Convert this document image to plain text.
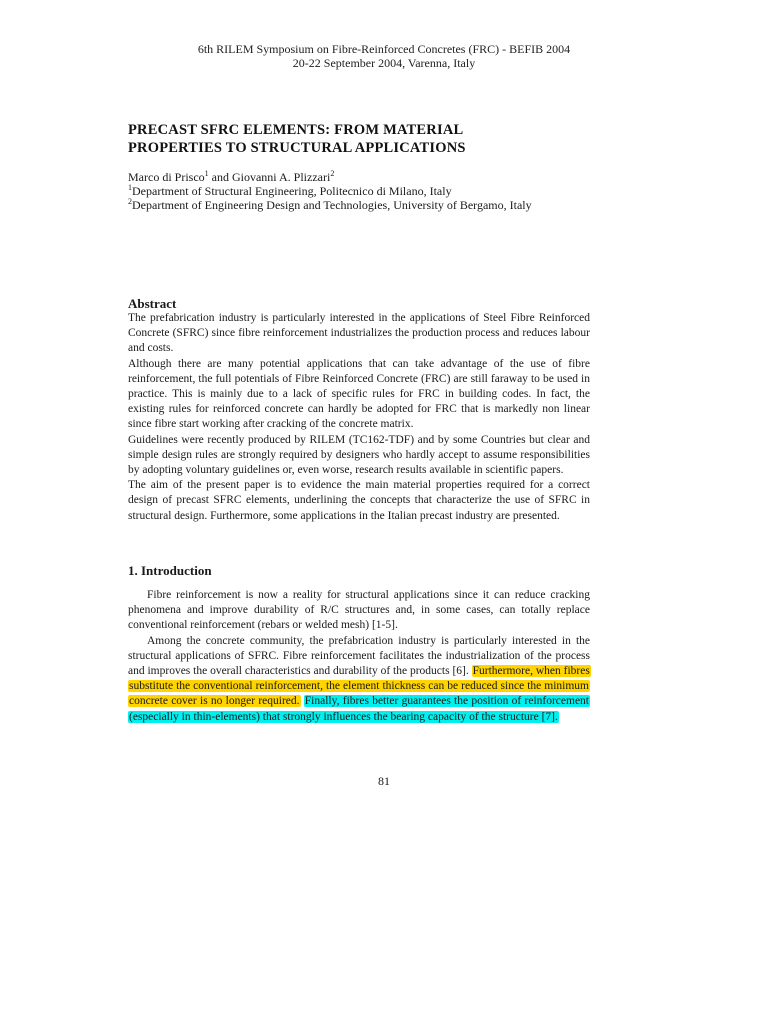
6th RILEM Symposium on Fibre-Reinforced Concretes (FRC) - BEFIB 2004
20-22 September 2004, Varenna, Italy
PRECAST SFRC ELEMENTS: FROM MATERIAL
PROPERTIES TO STRUCTURAL APPLICATIONS
Marco di Prisco$^1$ and Giovanni A. Plizzari$^2$
$^1$Department of Structural Engineering, Politecnico di Milano, Italy
$^2$Department of Engineering Design and Technologies, University of Bergamo, Italy
Abstract

The prefabrication industry is particularly interested in the applications of Steel Fibre Reinforced Concrete (SFRC) since fibre reinforcement industrializes the production process and reduces labour and costs.

Although there are many potential applications that can take advantage of the use of fibre reinforcement, the full potentials of Fibre Reinforced Concrete (FRC) are still faraway to be used in practice. This is mainly due to a lack of specific rules for FRC in building codes. In fact, the existing rules for reinforced concrete can hardly be adopted for FRC that is markedly non linear since fibre start working after cracking of the concrete matrix.

Guidelines were recently produced by RILEM (TC162-TDF) and by some Countries but clear and simple design rules are strongly required by designers who hardly accept to assume responsibilities by adopting voluntary guidelines or, even worse, research results available in scientific papers.

The aim of the present paper is to evidence the main material properties required for a correct design of precast SFRC elements, underlining the concepts that characterize the use of SFRC in structural design. Furthermore, some applications in the Italian precast industry are presented.

1. Introduction

Fibre reinforcement is now a reality for structural applications since it can reduce cracking phenomena and improve durability of R/C structures and, in some cases, can totally replace conventional reinforcement (rebars or welded mesh) [1-5].

Among the concrete community, the prefabrication industry is particularly interested in the structural applications of SFRC. Fibre reinforcement facilitates the industrialization of the process and improves the overall characteristics and durability of the products [6]. Furthermore, when fibres substitute the conventional reinforcement, the element thickness can be reduced since the minimum concrete cover is no longer required. Finally, fibres better guarantees the position of reinforcement (especially in thin-elements) that strongly influences the bearing capacity of the structure [7].

81
